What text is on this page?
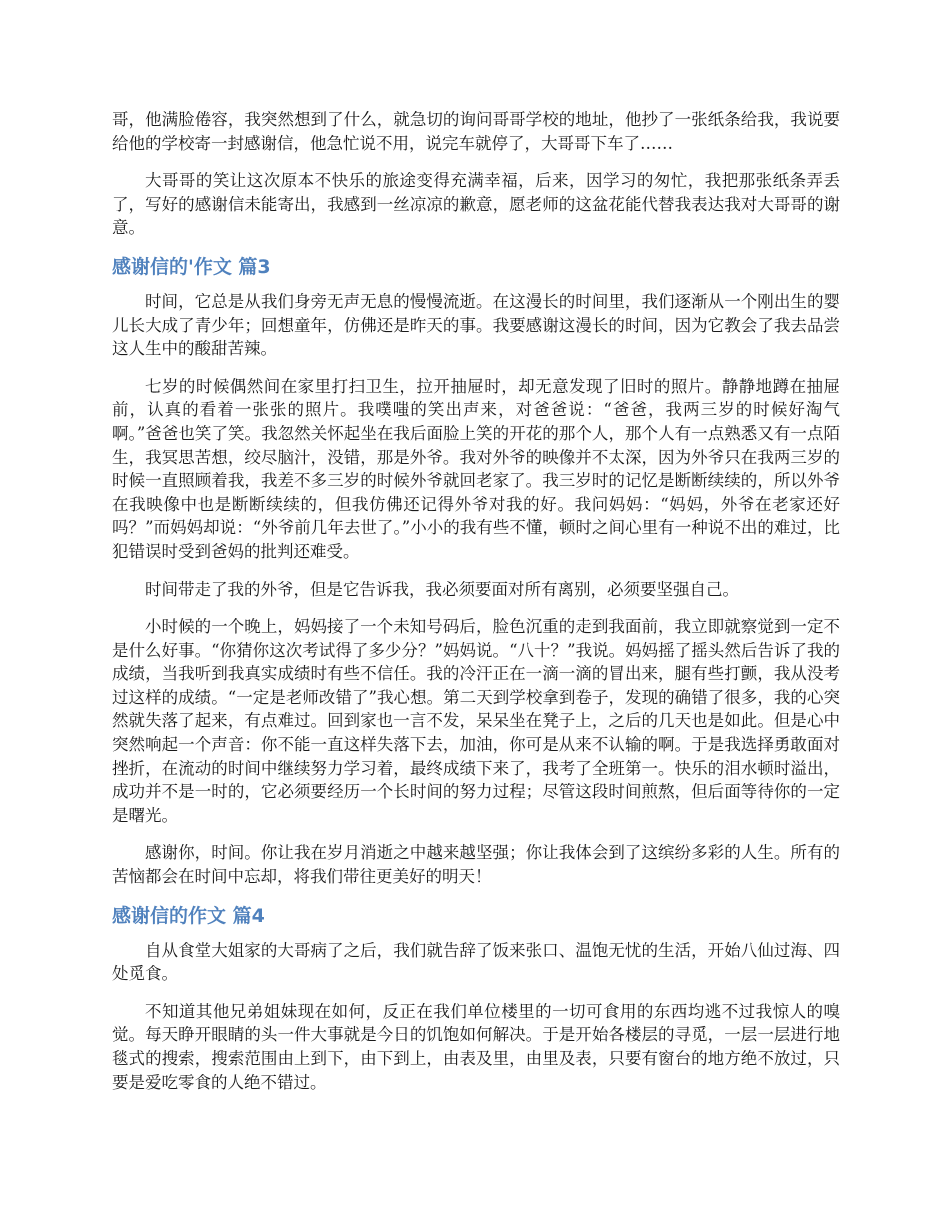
哥，他满脸倦容，我突然想到了什么，就急切的询问哥哥学校的地址，他抄了一张纸条给我，我说要给他的学校寄一封感谢信，他急忙说不用，说完车就停了，大哥哥下车了……

大哥哥的笑让这次原本不快乐的旅途变得充满幸福，后来，因学习的匆忙，我把那张纸条弄丢了，写好的感谢信未能寄出，我感到一丝凉凉的歉意，愿老师的这盆花能代替我表达我对大哥哥的谢意。

感谢信的'作文 篇3

时间，它总是从我们身旁无声无息的慢慢流逝。在这漫长的时间里，我们逐渐从一个刚出生的婴儿长大成了青少年；回想童年，仿佛还是昨天的事。我要感谢这漫长的时间，因为它教会了我去品尝这人生中的酸甜苦辣。

七岁的时候偶然间在家里打扫卫生，拉开抽屉时，却无意发现了旧时的照片。静静地蹲在抽屉前，认真的看着一张张的照片。我噗嗤的笑出声来，对爸爸说：“爸爸，我两三岁的时候好淘气啊。”爸爸也笑了笑。我忽然关怀起坐在我后面脸上笑的开花的那个人，那个人有一点熟悉又有一点陌生，我冥思苦想，绞尽脑汁，没错，那是外爷。我对外爷的映像并不太深，因为外爷只在我两三岁的时候一直照顾着我，我差不多三岁的时候外爷就回老家了。我三岁时的记忆是断断续续的，所以外爷在我映像中也是断断续续的，但我仿佛还记得外爷对我的好。我问妈妈：“妈妈，外爷在老家还好吗？”而妈妈却说：“外爷前几年去世了。”小小的我有些不懂，顿时之间心里有一种说不出的难过，比犯错误时受到爸妈的批判还难受。

时间带走了我的外爷，但是它告诉我，我必须要面对所有离别，必须要坚强自己。

小时候的一个晚上，妈妈接了一个未知号码后，脸色沉重的走到我面前，我立即就察觉到一定不是什么好事。“你猜你这次考试得了多少分？”妈妈说。“八十？”我说。妈妈摇了摇头然后告诉了我的成绩，当我听到我真实成绩时有些不信任。我的冷汗正在一滴一滴的冒出来，腿有些打颤，我从没考过这样的成绩。“一定是老师改错了”我心想。第二天到学校拿到卷子，发现的确错了很多，我的心突然就失落了起来，有点难过。回到家也一言不发，呆呆坐在凳子上，之后的几天也是如此。但是心中突然响起一个声音：你不能一直这样失落下去，加油，你可是从来不认输的啊。于是我选择勇敢面对挫折，在流动的时间中继续努力学习着，最终成绩下来了，我考了全班第一。快乐的泪水顿时溢出，成功并不是一时的，它必须要经历一个长时间的努力过程；尽管这段时间煎熬，但后面等待你的一定是曙光。

感谢你，时间。你让我在岁月消逝之中越来越坚强；你让我体会到了这缤纷多彩的人生。所有的苦恼都会在时间中忘却，将我们带往更美好的明天！

感谢信的作文 篇4

自从食堂大姐家的大哥病了之后，我们就告辞了饭来张口、温饱无忧的生活，开始八仙过海、四处觅食。

不知道其他兄弟姐妹现在如何，反正在我们单位楼里的一切可食用的东西均逃不过我惊人的嗅觉。每天睁开眼睛的头一件大事就是今日的饥饱如何解决。于是开始各楼层的寻觅，一层一层进行地毯式的搜索，搜索范围由上到下，由下到上，由表及里，由里及表，只要有窗台的地方绝不放过，只要是爱吃零食的人绝不错过。
